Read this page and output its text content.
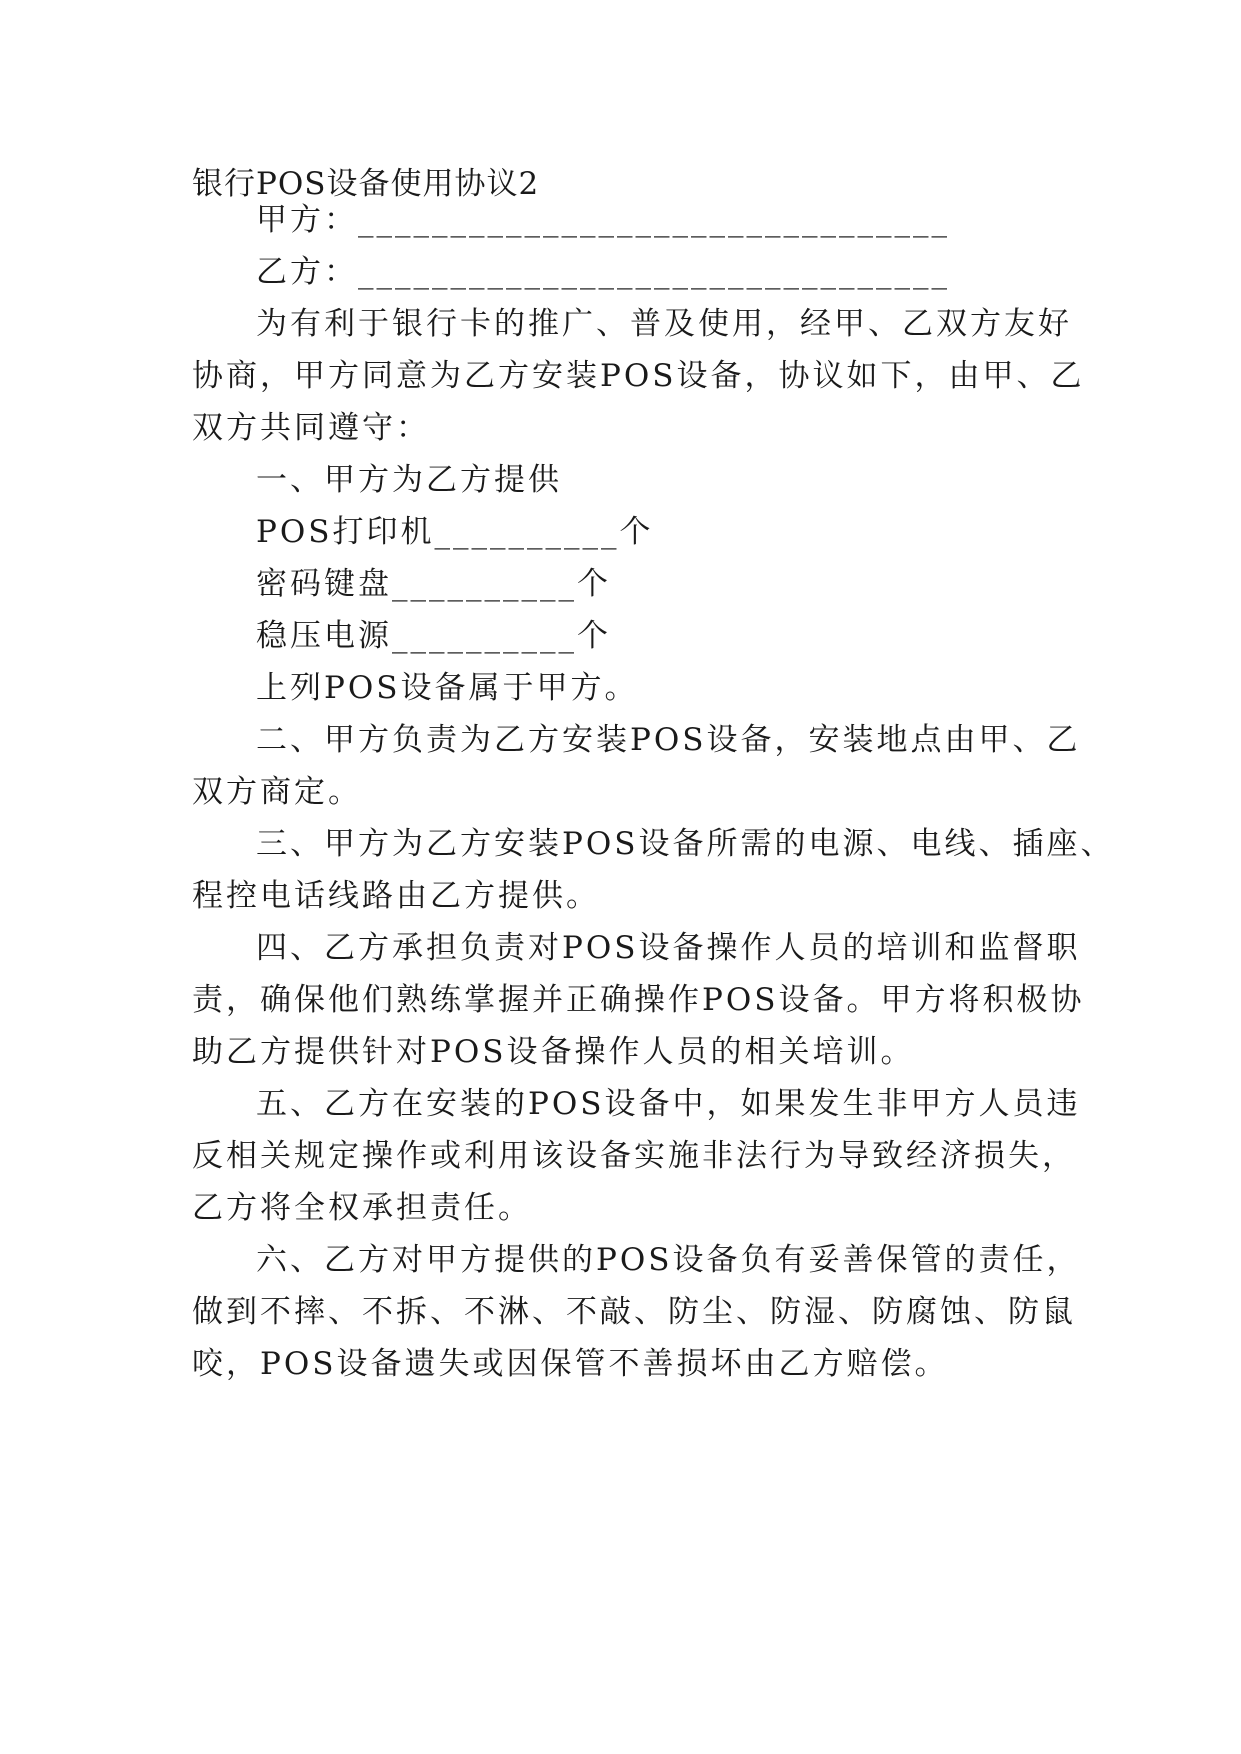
银行POS设备使用协议2
甲方：________________________________
乙方：________________________________
为有利于银行卡的推广、普及使用，经甲、乙双方友好
协商，甲方同意为乙方安装POS设备，协议如下，由甲、乙
双方共同遵守：
一、甲方为乙方提供
POS打印机__________个
密码键盘__________个
稳压电源__________个
上列POS设备属于甲方。
二、甲方负责为乙方安装POS设备，安装地点由甲、乙
双方商定。
三、甲方为乙方安装POS设备所需的电源、电线、插座、
程控电话线路由乙方提供。
四、乙方承担负责对POS设备操作人员的培训和监督职
责，确保他们熟练掌握并正确操作POS设备。甲方将积极协
助乙方提供针对POS设备操作人员的相关培训。
五、乙方在安装的POS设备中，如果发生非甲方人员违
反相关规定操作或利用该设备实施非法行为导致经济损失，
乙方将全权承担责任。
六、乙方对甲方提供的POS设备负有妥善保管的责任，
做到不摔、不拆、不淋、不敲、防尘、防湿、防腐蚀、防鼠
咬，POS设备遗失或因保管不善损坏由乙方赔偿。
